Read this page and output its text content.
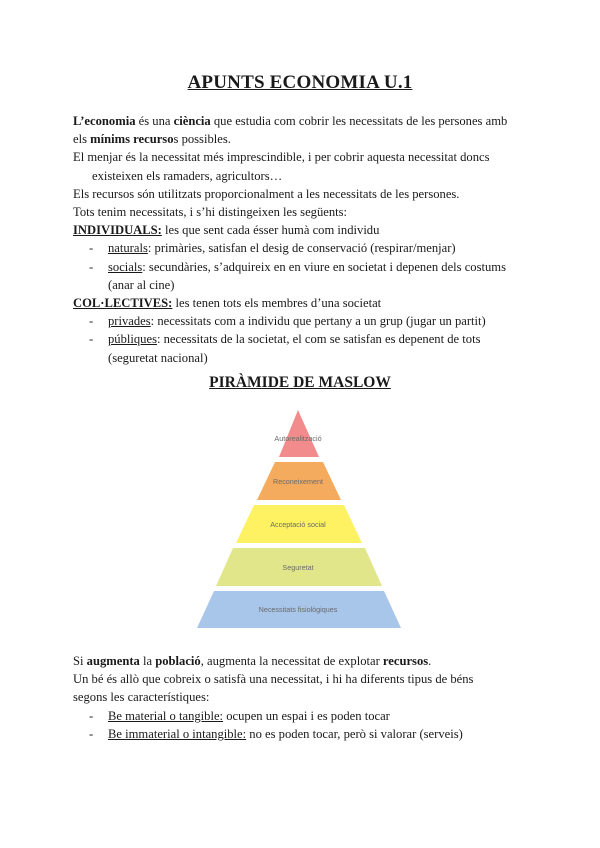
APUNTS ECONOMIA U.1
L’economia és una ciència que estudia com cobrir les necessitats de les persones amb
els mínims recursos possibles.
El menjar és la necessitat més imprescindible, i per cobrir aquesta necessitat doncs
existeixen els ramaders, agricultors…
Els recursos són utilitzats proporcionalment a les necessitats de les persones.
Tots tenim necessitats, i s’hi distingeixen les següents:
INDIVIDUALS: les que sent cada ésser humà com individu
- naturals: primàries, satisfan el desig de conservació (respirar/menjar)
- socials: secundàries, s’adquireix en en viure en societat i depenen dels costums
(anar al cine)
COL·LECTIVES: les tenen tots els membres d’una societat
- privades: necessitats com a individu que pertany a un grup (jugar un partit)
- públiques: necessitats de la societat, el com se satisfan es depenent de tots
(seguretat nacional)
PIRÀMIDE DE MASLOW
Autorealització
Reconeixement
Acceptació social
Seguretat
Necessitats fisiològiques
Si augmenta la població, augmenta la necessitat de explotar recursos.
Un bé és allò que cobreix o satisfà una necessitat, i hi ha diferents tipus de béns
segons les característiques:
- Be material o tangible: ocupen un espai i es poden tocar
- Be immaterial o intangible: no es poden tocar, però si valorar (serveis)
